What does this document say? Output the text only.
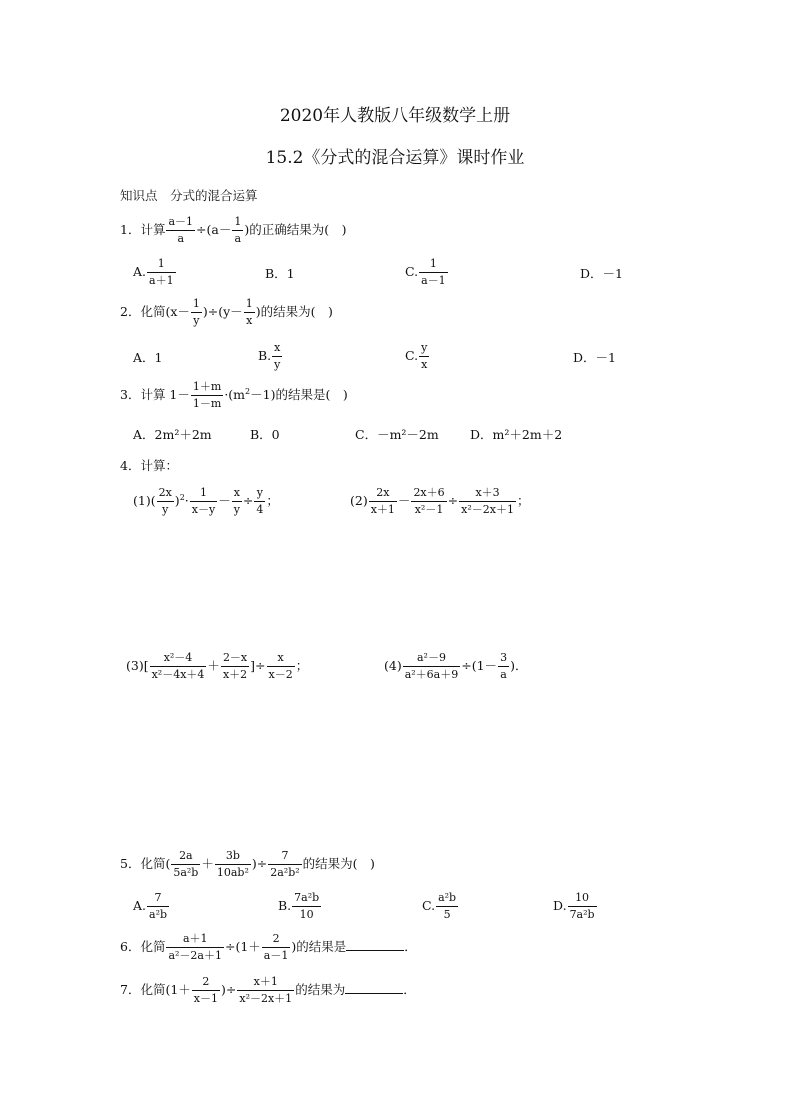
2020年人教版八年级数学上册
15.2《分式的混合运算》课时作业
知识点　分式的混合运算
1．计算 $\frac{a-1}{a} \div(a- \frac{1}{a}$ )的正确结果为(　)
A. $\frac{1}{a+1}$	B．1	C. $\frac{1}{a-1}$	D．－1
2．化简$(x- \frac{1}{y} )\div(y- \frac{1}{x}$ )的结果为(　)
A．1	B. $\frac{x}{y}$	C. $\frac{y}{x}$	D．－1
3．计算 $1- \frac{1+m}{1-m} \cdot(m^2-1)$的结果是(　)
A．2m²＋2m	B．0	C．－m²－2m	D．m²＋2m＋2
4．计算：
$(1)( \frac{2x}{y} )^2\cdot \frac{1}{x-y} - \frac{x}{y} \div \frac{y}{4}$ ；	$(2) \frac{2x}{x+1} - \frac{2x+6}{\text{x²－1}} \div \frac{x+3}{\text{x²－2x＋1}}$ ；
$(3)[ \frac{\text{x²－4}}{\text{x²－4x＋4}} + \frac{2-x}{x+2}$ ]÷ $\frac{x}{x-2}$ ；	$(4) \frac{\text{a²－9}}{\text{a²＋6a＋9}} \div(1- \frac{3}{a}$ )．
5．化简( $\frac{2a}{\text{5a²b}} + \frac{3b}{\text{10ab²}}$ )÷ $\frac{7}{\text{2a²b²}}$ 的结果为(　)
A. $\frac{7}{\text{a²b}}$	B. $\frac{\text{7a²b}}{10}$	C. $\frac{\text{a²b}}{5}$	D. $\frac{10}{\text{7a²b}}$
6．化简 $\frac{a+1}{\text{a²－2a＋1}} \div(1+ \frac{2}{a-1}$ )的结果是	．
7．化简($1+ \frac{2}{x-1}$ )÷ $\frac{x+1}{\text{x²－2x＋1}}$ 的结果为	．
